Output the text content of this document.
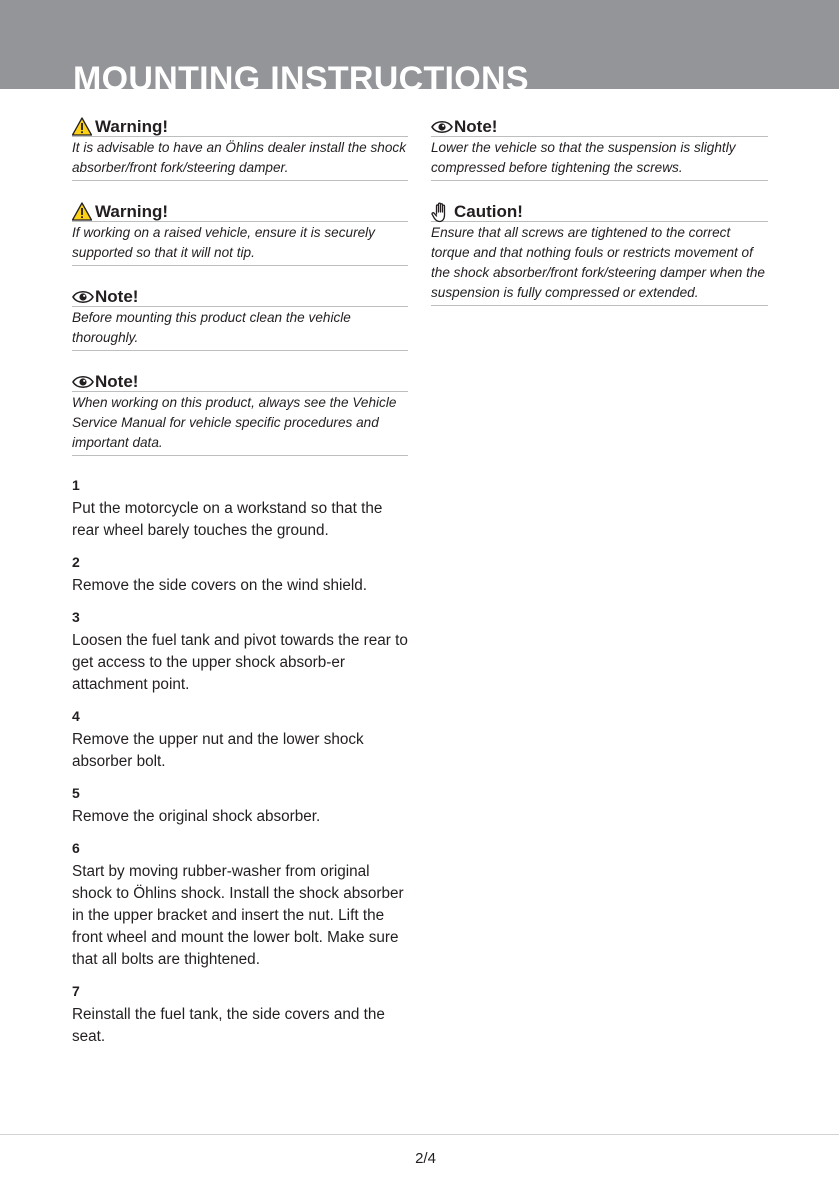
MOUNTING INSTRUCTIONS
Warning!
It is advisable to have an Öhlins dealer install the shock absorber/front fork/steering damper.
Warning!
If working on a raised vehicle, ensure it is securely supported so that it will not tip.
Note!
Before mounting this product clean the vehicle thoroughly.
Note!
When working on this product, always see the Vehicle Service Manual for vehicle specific procedures and important data.
1
Put the motorcycle on a workstand so that the rear wheel barely touches the ground.
2
Remove the side covers on the wind shield.
3
Loosen the fuel tank and pivot towards the rear to get access to the upper shock absorb-er attachment point.
4
Remove the upper nut and the lower shock absorber bolt.
5
Remove the original shock absorber.
6
Start by moving rubber-washer from original shock to Öhlins shock. Install the shock absorber in the upper bracket and insert the nut. Lift the front wheel and mount the lower bolt. Make sure that all bolts are thightened.
7
Reinstall the fuel tank, the side covers and the seat.
Note!
Lower the vehicle so that the suspension is slightly compressed before tightening the screws.
Caution!
Ensure that all screws are tightened to the correct torque and that nothing fouls or restricts movement of the shock absorber/front fork/steering damper when the suspension is fully compressed or extended.
2/4
